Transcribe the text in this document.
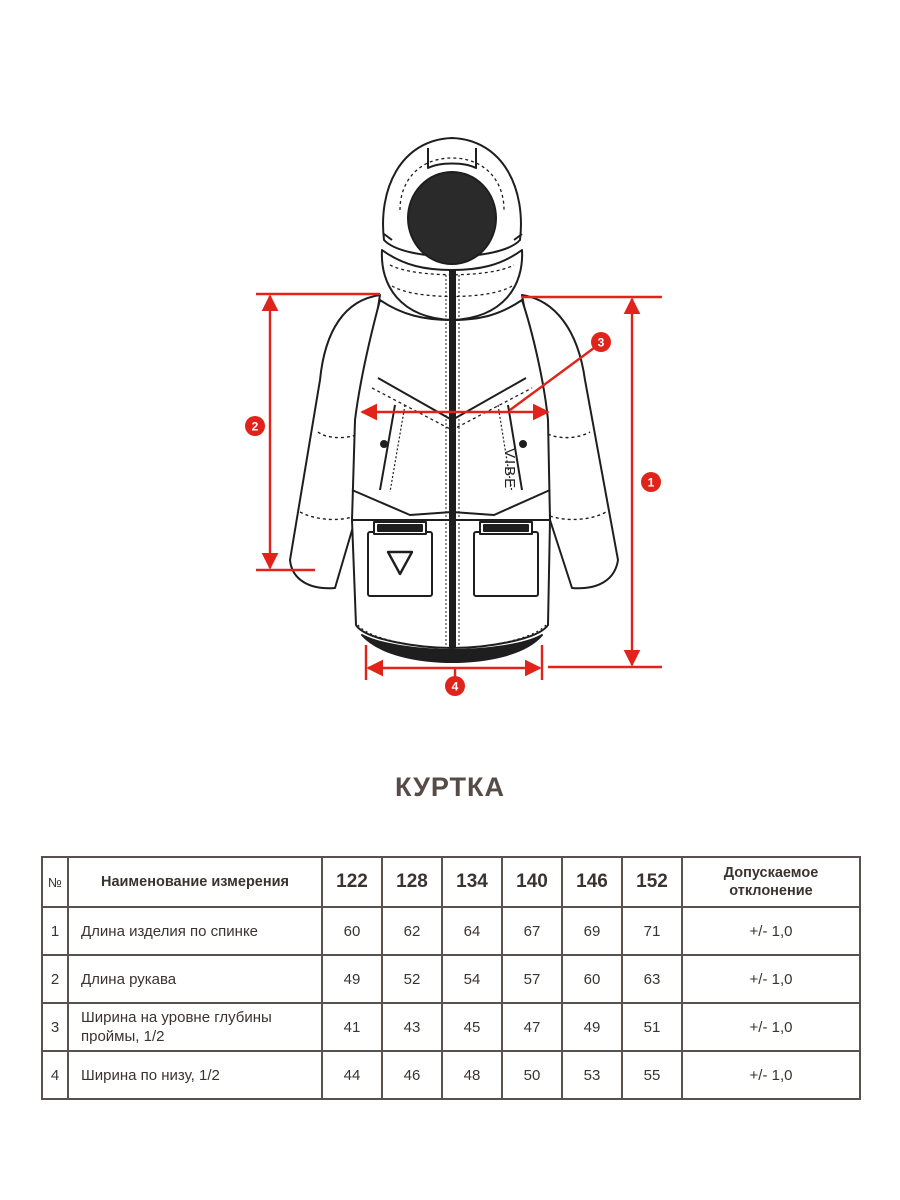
VIBE	1
2
3
4
КУРТКА
№	Наименование измерения	122	128	134	140	146	152	Допускаемое
отклонение
1	Длина изделия по спинке	60	62	64	67	69	71	+/- 1,0
2	Длина рукава	49	52	54	57	60	63	+/- 1,0
3	Ширина на уровне глубины
проймы, 1/2	41	43	45	47	49	51	+/- 1,0
4	Ширина по низу, 1/2	44	46	48	50	53	55	+/- 1,0
